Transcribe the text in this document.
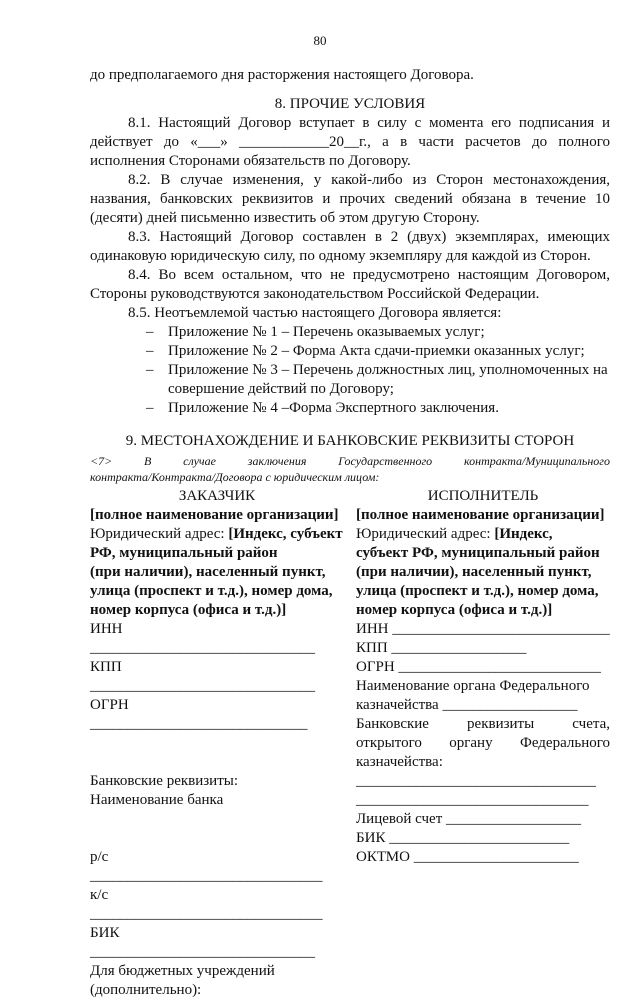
80

до предполагаемого дня расторжения настоящего Договора.

8. ПРОЧИЕ УСЛОВИЯ

8.1. Настоящий Договор вступает в силу с момента его подписания и действует до «___» ____________20__г., а в части расчетов до полного исполнения Сторонами обязательств по Договору.

8.2. В случае изменения, у какой-либо из Сторон местонахождения, названия, банковских реквизитов и прочих сведений обязана в течение 10 (десяти) дней письменно известить об этом другую Сторону.

8.3. Настоящий Договор составлен в 2 (двух) экземплярах, имеющих одинаковую юридическую силу, по одному экземпляру для каждой из Сторон.

8.4. Во всем остальном, что не предусмотрено настоящим Договором, Стороны руководствуются законодательством Российской Федерации.

8.5. Неотъемлемой частью настоящего Договора является:

– Приложение № 1 – Перечень оказываемых услуг;
– Приложение № 2 – Форма Акта сдачи-приемки оказанных услуг;
– Приложение № 3 – Перечень должностных лиц, уполномоченных на совершение действий по Договору;
– Приложение № 4 –Форма Экспертного заключения.

9. МЕСТОНАХОЖДЕНИЕ И БАНКОВСКИЕ РЕКВИЗИТЫ СТОРОН

<7> В случае заключения Государственного контракта/Муниципального

контракта/Контракта/Договора с юридическим лицом:

ЗАКАЗЧИК

[полное наименование организации]

Юридический адрес: [Индекс, субъект

РФ, муниципальный район

(при наличии), населенный пункт,

улица (проспект и т.д.), номер дома,

номер корпуса (офиса и т.д.)]

ИНН ______________________________

КПП ______________________________

ОГРН _____________________________

Банковские реквизиты:

Наименование банка

р/с _______________________________

к/с _______________________________

БИК ______________________________

Для бюджетных учреждений

(дополнительно):

ИСПОЛНИТЕЛЬ

[полное наименование организации]

Юридический адрес: [Индекс,

субъект РФ, муниципальный район

(при наличии), населенный пункт,

улица (проспект и т.д.), номер дома,

номер корпуса (офиса и т.д.)]

ИНН _____________________________

КПП __________________

ОГРН ___________________________

Наименование органа Федерального

казначейства __________________

Банковские реквизиты счета,

открытого органу Федерального

казначейства:

________________________________

_______________________________

Лицевой счет __________________

БИК ________________________

ОКТМО ______________________
